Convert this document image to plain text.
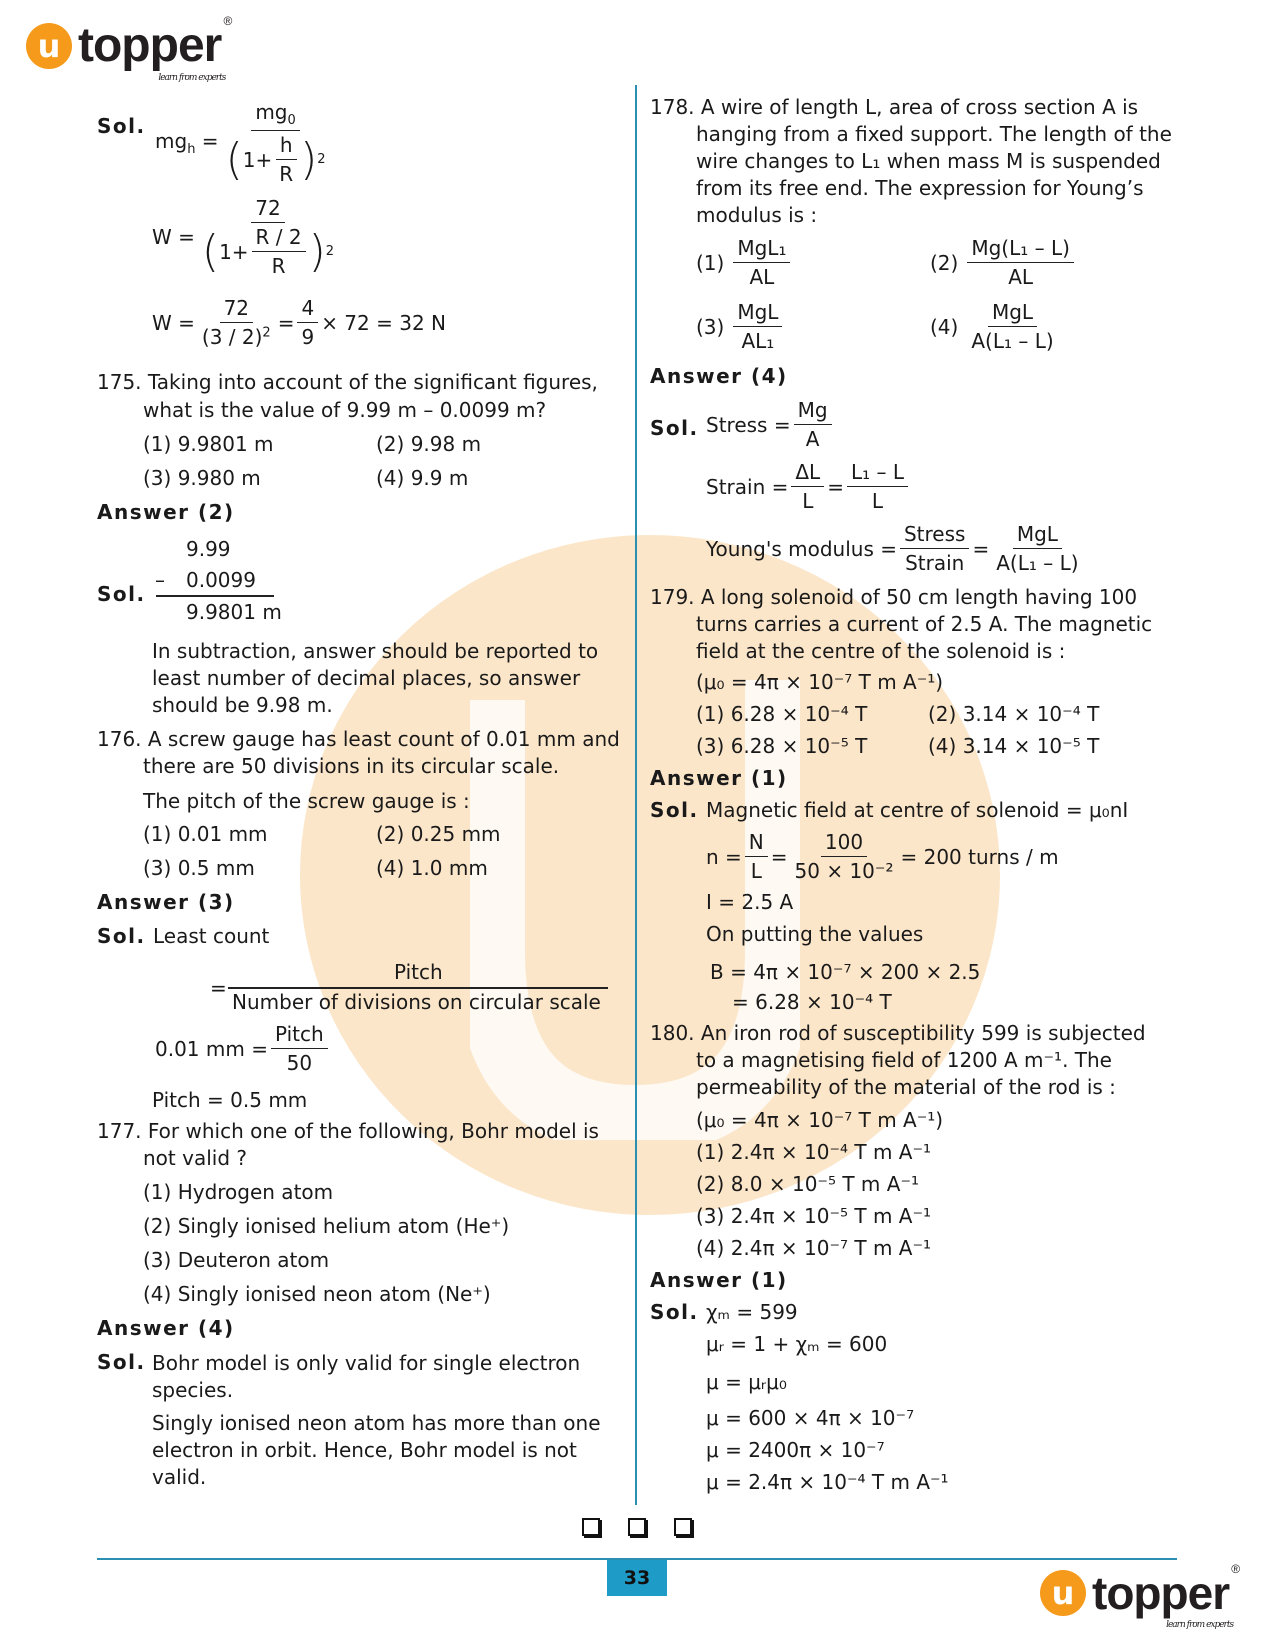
u topper ®
learn from experts
Sol.
$mg_h = \frac{mg_0}{( 1+ \frac{h}{R} ) 2}$
$W = \frac{72}{( 1+ \frac{R / 2}{R} ) 2}$
$W = \frac{72}{(3 / 2)^2} = \frac{4}{9} \times 72 = 32$ N
175. Taking into account of the significant figures,
what is the value of 9.99 m – 0.0099 m?
(1) 9.9801 m	(2) 9.98 m
(3) 9.980 m	(4) 9.9 m
Answer (2)
Sol.
9.99
– 0.0099
9.9801 m
In subtraction, answer should be reported to
least number of decimal places, so answer
should be 9.98 m.
176. A screw gauge has least count of 0.01 mm and
there are 50 divisions in its circular scale.
The pitch of the screw gauge is :
(1) 0.01 mm	(2) 0.25 mm
(3) 0.5 mm	(4) 1.0 mm
Answer (3)
Sol. Least count
=
Pitch
Number of divisions on circular scale
0.01 mm = $\frac{\text{Pitch}}{50}$
Pitch = 0.5 mm
177. For which one of the following, Bohr model is
not valid ?
(1) Hydrogen atom
(2) Singly ionised helium atom (He⁺)
(3) Deuteron atom
(4) Singly ionised neon atom (Ne⁺)
Answer (4)
Sol. Bohr model is only valid for single electron
species.
Singly ionised neon atom has more than one
electron in orbit. Hence, Bohr model is not
valid.
178. A wire of length L, area of cross section A is
hanging from a fixed support. The length of the
wire changes to L₁ when mass M is suspended
from its free end. The expression for Young’s
modulus is :
$(1) \frac{\text{MgL₁}}{AL}$	$(2) \frac{\text{Mg(L₁ – L)}}{AL}$
$(3) \frac{\text{MgL}}{\text{AL₁}}$	$(4) \frac{\text{MgL}}{\text{A(L₁ – L)}}$
Answer (4)
Sol. Stress = $\frac{Mg}{A}$
Strain = $\frac{\Delta L}{L} = \frac{\text{L₁ – L}}{L}$
Young's modulus = $\frac{\text{Stress}}{\text{Strain}} = \frac{\text{MgL}}{\text{A(L₁ – L)}}$
179. A long solenoid of 50 cm length having 100
turns carries a current of 2.5 A. The magnetic
field at the centre of the solenoid is :
(μ₀ = 4π × 10⁻⁷ T m A⁻¹)
(1) 6.28 × 10⁻⁴ T	(2) 3.14 × 10⁻⁴ T
(3) 6.28 × 10⁻⁵ T	(4) 3.14 × 10⁻⁵ T
Answer (1)
Sol. Magnetic field at centre of solenoid = μ₀nI
$n = \frac{N}{L} = \frac{100}{\text{50 × 10⁻²}} = 200$ turns / m
I = 2.5 A
On putting the values
B = 4π × 10⁻⁷ × 200 × 2.5
= 6.28 × 10⁻⁴ T
180. An iron rod of susceptibility 599 is subjected
to a magnetising field of 1200 A m⁻¹. The
permeability of the material of the rod is :
(μ₀ = 4π × 10⁻⁷ T m A⁻¹)
(1) 2.4π × 10⁻⁴ T m A⁻¹
(2) 8.0 × 10⁻⁵ T m A⁻¹
(3) 2.4π × 10⁻⁵ T m A⁻¹
(4) 2.4π × 10⁻⁷ T m A⁻¹
Answer (1)
Sol. χₘ = 599
μᵣ = 1 + χₘ = 600
μ = μᵣμ₀
μ = 600 × 4π × 10⁻⁷
μ = 2400π × 10⁻⁷
μ = 2.4π × 10⁻⁴ T m A⁻¹
33	u topper ®
learn from experts
